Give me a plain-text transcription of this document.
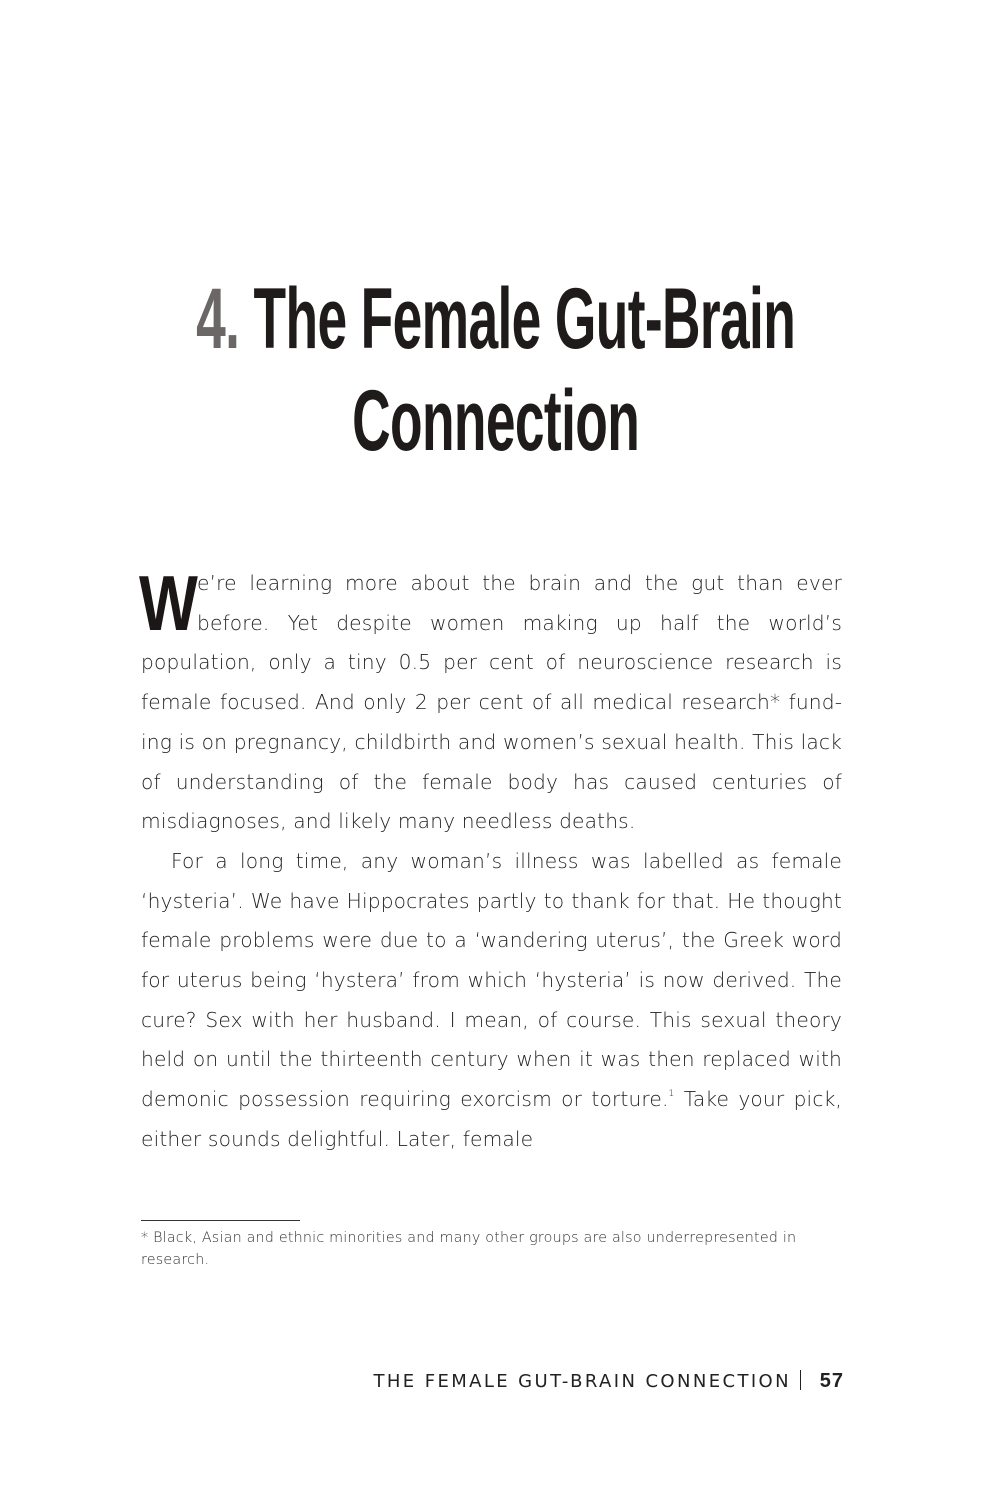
4. The Female Gut-Brain
Connection

W
e’re learning more about the brain and the gut than ever before. Yet despite women making up half the world’s population, only a tiny 0.5 per cent of neuroscience research is female focused. And only 2 per cent of all medical research* funding is on pregnancy, childbirth and women’s sexual health. This lack of understanding of the female body has caused centuries of misdiagnoses, and likely many needless deaths.

For a long time, any woman’s illness was labelled as female ‘hysteria’. We have Hippocrates partly to thank for that. He thought female problems were due to a ‘wandering uterus’, the Greek word for uterus being ‘hystera’ from which ‘hysteria’ is now derived. The cure? Sex with her husband. I mean, of course. This sexual theory held on until the thirteenth century when it was then replaced with demonic possession requiring exorcism or torture.$^1$ Take your pick, either sounds delightful. Later, female

* Black, Asian and ethnic minorities and many other groups are also underrepresented in research.

THE FEMALE GUT-BRAIN CONNECTION	57
